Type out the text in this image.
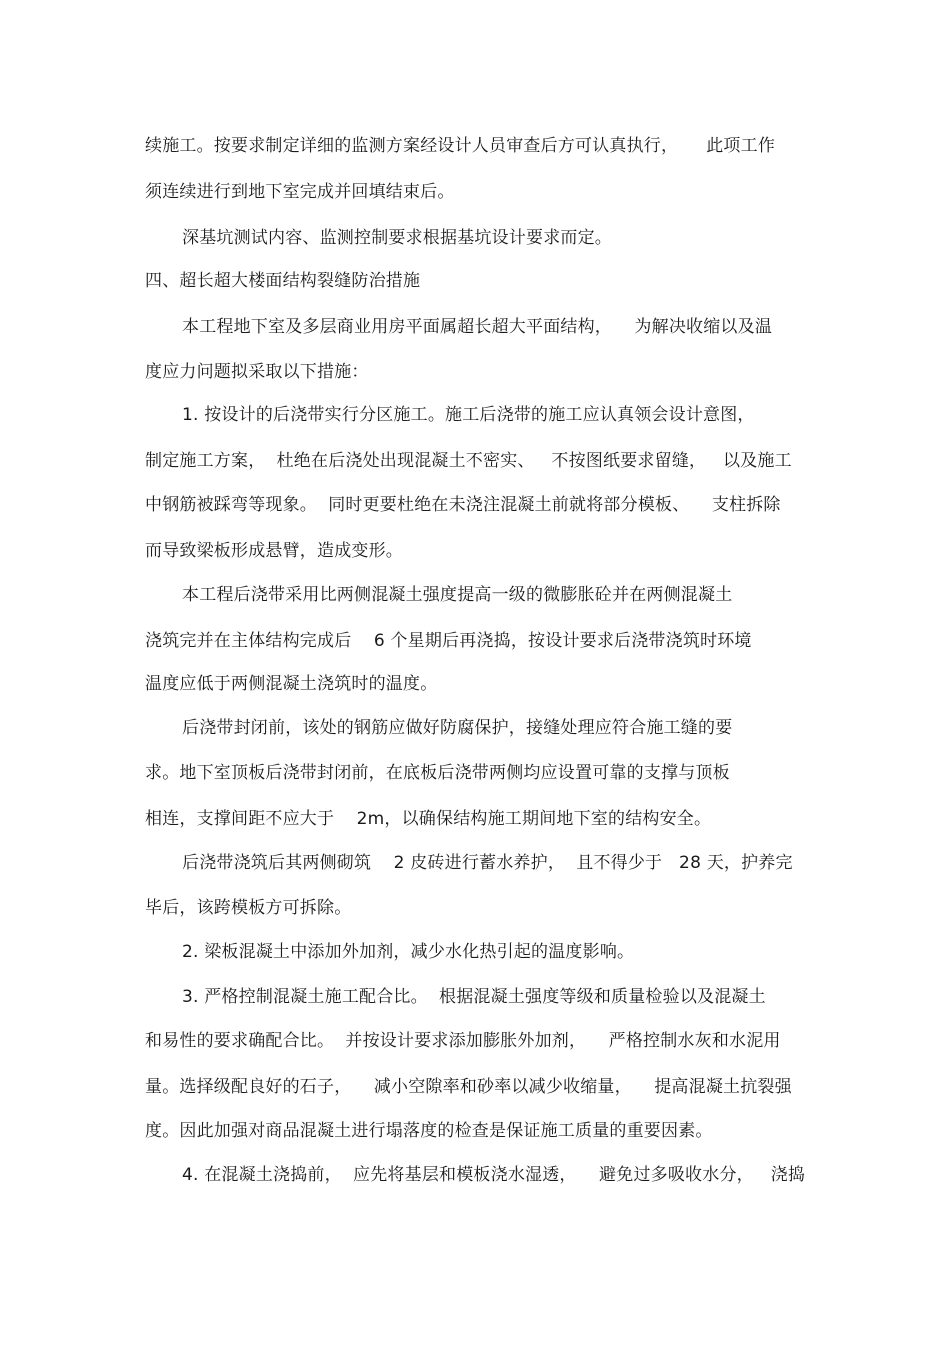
续施工。按要求制定详细的监测方案经设计人员审查后方可认真执行，     此项工作
须连续进行到地下室完成并回填结束后。
深基坑测试内容、监测控制要求根据基坑设计要求而定。
四、超长超大楼面结构裂缝防治措施
本工程地下室及多层商业用房平面属超长超大平面结构，    为解决收缩以及温
度应力问题拟采取以下措施：
1. 按设计的后浇带实行分区施工。施工后浇带的施工应认真领会设计意图，
制定施工方案，  杜绝在后浇处出现混凝土不密实、   不按图纸要求留缝，   以及施工
中钢筋被踩弯等现象。  同时更要杜绝在未浇注混凝土前就将部分模板、    支柱拆除
而导致梁板形成悬臂，造成变形。
本工程后浇带采用比两侧混凝土强度提高一级的微膨胀砼并在两侧混凝土
浇筑完并在主体结构完成后    6 个星期后再浇捣，按设计要求后浇带浇筑时环境
温度应低于两侧混凝土浇筑时的温度。
后浇带封闭前，该处的钢筋应做好防腐保护，接缝处理应符合施工缝的要
求。地下室顶板后浇带封闭前，在底板后浇带两侧均应设置可靠的支撑与顶板
相连，支撑间距不应大于    2m，以确保结构施工期间地下室的结构安全。
后浇带浇筑后其两侧砌筑    2 皮砖进行蓄水养护，  且不得少于   28 天，护养完
毕后，该跨模板方可拆除。
2. 梁板混凝土中添加外加剂，减少水化热引起的温度影响。
3. 严格控制混凝土施工配合比。  根据混凝土强度等级和质量检验以及混凝土
和易性的要求确配合比。  并按设计要求添加膨胀外加剂，    严格控制水灰和水泥用
量。选择级配良好的石子，    减小空隙率和砂率以减少收缩量，    提高混凝土抗裂强
度。因此加强对商品混凝土进行塌落度的检查是保证施工质量的重要因素。
4. 在混凝土浇捣前，  应先将基层和模板浇水湿透，    避免过多吸收水分，   浇捣
